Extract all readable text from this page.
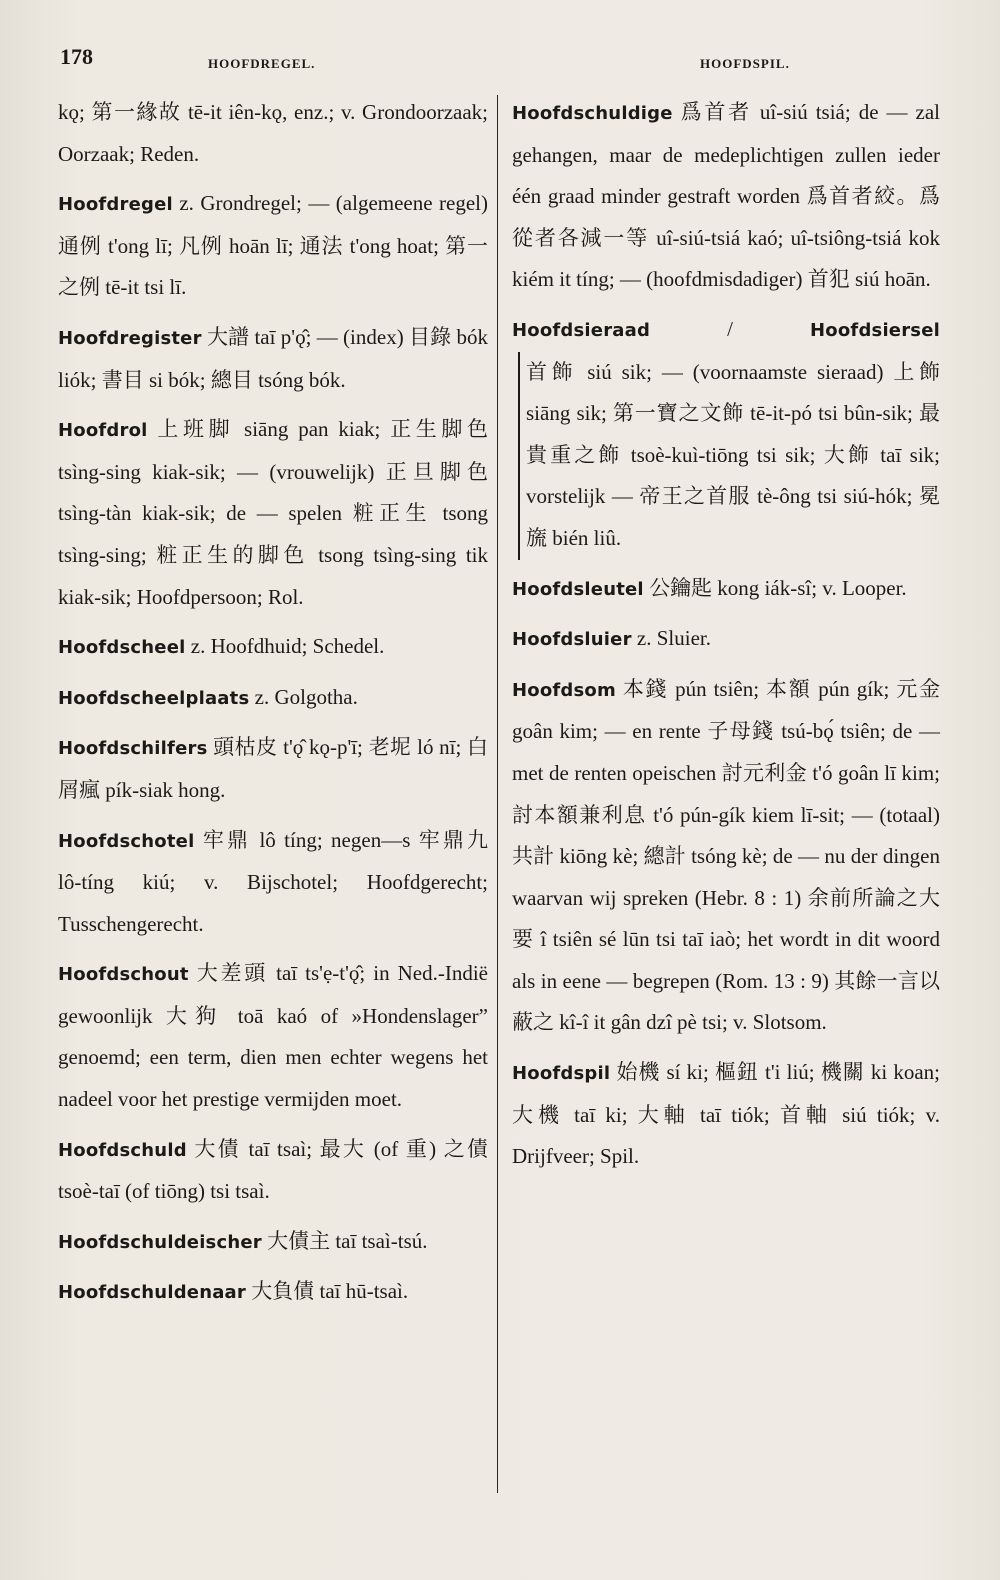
178	HOOFDREGEL.	HOOFDSPIL.

kǫ; 第一緣故 tē-it iên-kǫ, enz.; v. Grondoorzaak; Oorzaak; Reden.

Hoofdregel z. Grondregel; — (algemeene regel) 通例 t'ong lī; 凡例 hoān lī; 通法 t'ong hoat; 第一之例 tē-it tsi lī.

Hoofdregister 大譜 taī p'ǫ̂; — (index) 目錄 bók liók; 書目 si bók; 總目 tsóng bók.

Hoofdrol 上班脚 siāng pan kiak; 正生脚色 tsìng-sing kiak-sik; — (vrouwelijk) 正旦脚色 tsìng-tàn kiak-sik; de — spelen 粧正生 tsong tsìng-sing; 粧正生的脚色 tsong tsìng-sing tik kiak-sik; Hoofdpersoon; Rol.

Hoofdscheel z. Hoofdhuid; Schedel.

Hoofdscheelplaats z. Golgotha.

Hoofdschilfers 頭枯皮 t'ǫ̂ kǫ-p'ī; 老坭 ló nī; 白屑瘋 pík-siak hong.

Hoofdschotel 牢鼎 lô tíng; negen—s 牢鼎九 lô-tíng kiú; v. Bijschotel; Hoofdgerecht; Tusschengerecht.

Hoofdschout 大差頭 taī ts'ẹ-t'ǫ̂; in Ned.-Indië gewoonlijk 大狗 toā kaó of »Hondenslager” genoemd; een term, dien men echter wegens het nadeel voor het prestige vermijden moet.

Hoofdschuld 大債 taī tsaì; 最大 (of 重) 之債 tsoè-taī (of tiōng) tsi tsaì.

Hoofdschuldeischer 大債主 taī tsaì-tsú.

Hoofdschuldenaar 大負債 taī hū-tsaì.

Hoofdschuldige 爲首者 uî-siú tsiá; de — zal gehangen, maar de medeplichtigen zullen ieder één graad minder gestraft worden 爲首者絞。爲從者各減一等 uî-siú-tsiá kaó; uî-tsiông-tsiá kok kiém it tíng; — (hoofdmisdadiger) 首犯 siú hoān.

Hoofdsieraad / Hoofdsiersel 首飾 siú sik; — (voornaamste sieraad) 上飾 siāng sik; 第一寶之文飾 tē-it-pó tsi bûn-sik; 最貴重之飾 tsoè-kuì-tiōng tsi sik; 大飾 taī sik; vorstelijk — 帝王之首服 tè-ông tsi siú-hók; 冕旒 bién liû.

Hoofdsleutel 公鑰匙 kong iák-sî; v. Looper.

Hoofdsluier z. Sluier.

Hoofdsom 本錢 pún tsiên; 本額 pún gík; 元金 goân kim; — en rente 子母錢 tsú-bǫ́ tsiên; de — met de renten opeischen 討元利金 t'ó goân lī kim; 討本額兼利息 t'ó pún-gík kiem lī-sit; — (totaal) 共計 kiōng kè; 總計 tsóng kè; de — nu der dingen waarvan wij spreken (Hebr. 8 : 1) 余前所論之大要 î tsiên sé lūn tsi taī iaò; het wordt in dit woord als in eene — begrepen (Rom. 13 : 9) 其餘一言以蔽之 kî-î it gân dzî pè tsi; v. Slotsom.

Hoofdspil 始機 sí ki; 樞鈕 t'i liú; 機關 ki koan; 大機 taī ki; 大軸 taī tiók; 首軸 siú tiók; v. Drijfveer; Spil.
